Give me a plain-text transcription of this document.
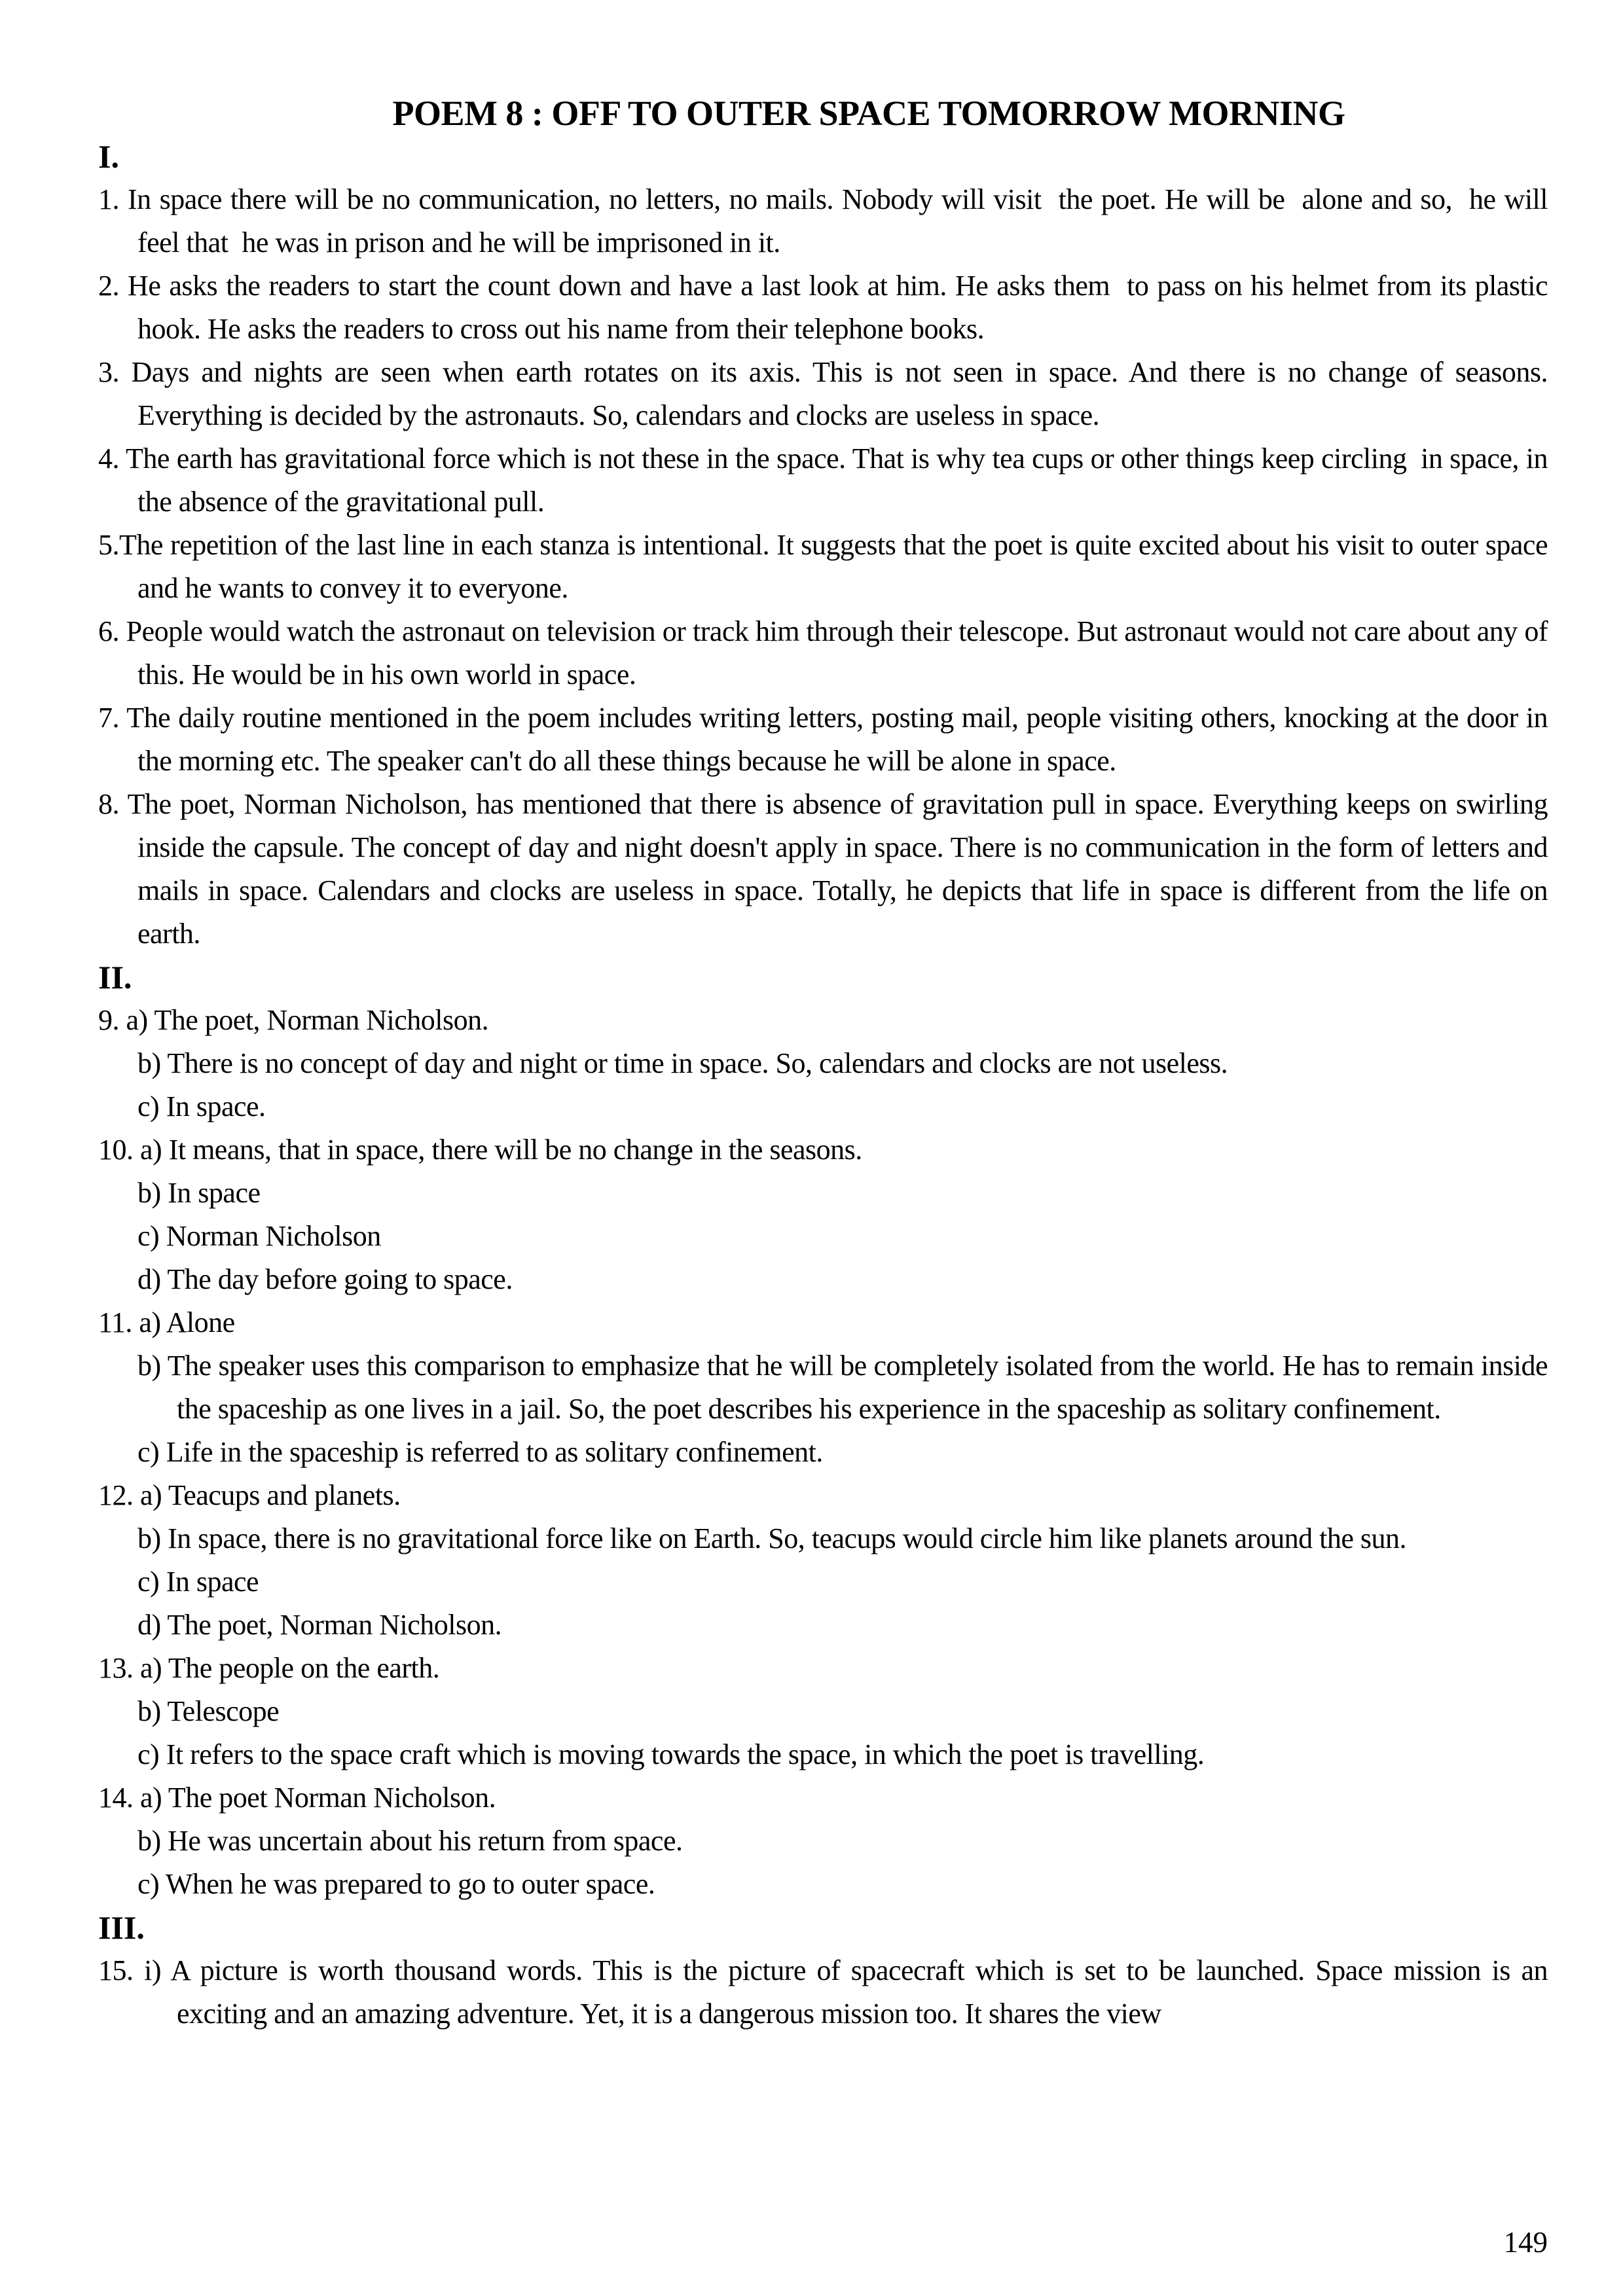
POEM 8 : OFF TO OUTER SPACE TOMORROW MORNING
I.

1. In space there will be no communication, no letters, no mails. Nobody will visit  the poet. He will be  alone and so,  he will feel that  he was in prison and he will be imprisoned in it.

2. He asks the readers to start the count down and have a last look at him. He asks them  to pass on his helmet from its plastic hook. He asks the readers to cross out his name from their telephone books.

3. Days and nights are seen when earth rotates on its axis. This is not seen in space. And there is no change of seasons. Everything is decided by the astronauts. So, calendars and clocks are useless in space.

4. The earth has gravitational force which is not these in the space. That is why tea cups or other things keep circling  in space, in the absence of the gravitational pull.

5.The repetition of the last line in each stanza is intentional. It suggests that the poet is quite excited about his visit to outer space and he wants to convey it to everyone.

6. People would watch the astronaut on television or track him through their telescope. But astronaut would not care about any of this. He would be in his own world in space.

7. The daily routine mentioned in the poem includes writing letters, posting mail, people visiting others, knocking at the door in the morning etc. The speaker can't do all these things because he will be alone in space.

8. The poet, Norman Nicholson, has mentioned that there is absence of gravitation pull in space. Everything keeps on swirling inside the capsule. The concept of day and night doesn't apply in space. There is no communication in the form of letters and mails in space. Calendars and clocks are useless in space. Totally, he depicts that life in space is different from the life on earth.

II.

9. a) The poet, Norman Nicholson.

b) There is no concept of day and night or time in space. So, calendars and clocks are not useless.

c) In space.

10. a) It means, that in space, there will be no change in the seasons.

b) In space

c) Norman Nicholson

d) The day before going to space.

11. a) Alone

b) The speaker uses this comparison to emphasize that he will be completely isolated from the world. He has to remain inside the spaceship as one lives in a jail. So, the poet describes his experience in the spaceship as solitary confinement.

c) Life in the spaceship is referred to as solitary confinement.

12. a) Teacups and planets.

b) In space, there is no gravitational force like on Earth. So, teacups would circle him like planets around the sun.

c) In space

d) The poet, Norman Nicholson.

13. a) The people on the earth.

b) Telescope

c) It refers to the space craft which is moving towards the space, in which the poet is travelling.

14. a) The poet Norman Nicholson.

b) He was uncertain about his return from space.

c) When he was prepared to go to outer space.

III.

15. i) A picture is worth thousand words. This is the picture of spacecraft which is set to be launched. Space mission is an exciting and an amazing adventure. Yet, it is a dangerous mission too. It shares the view

149
